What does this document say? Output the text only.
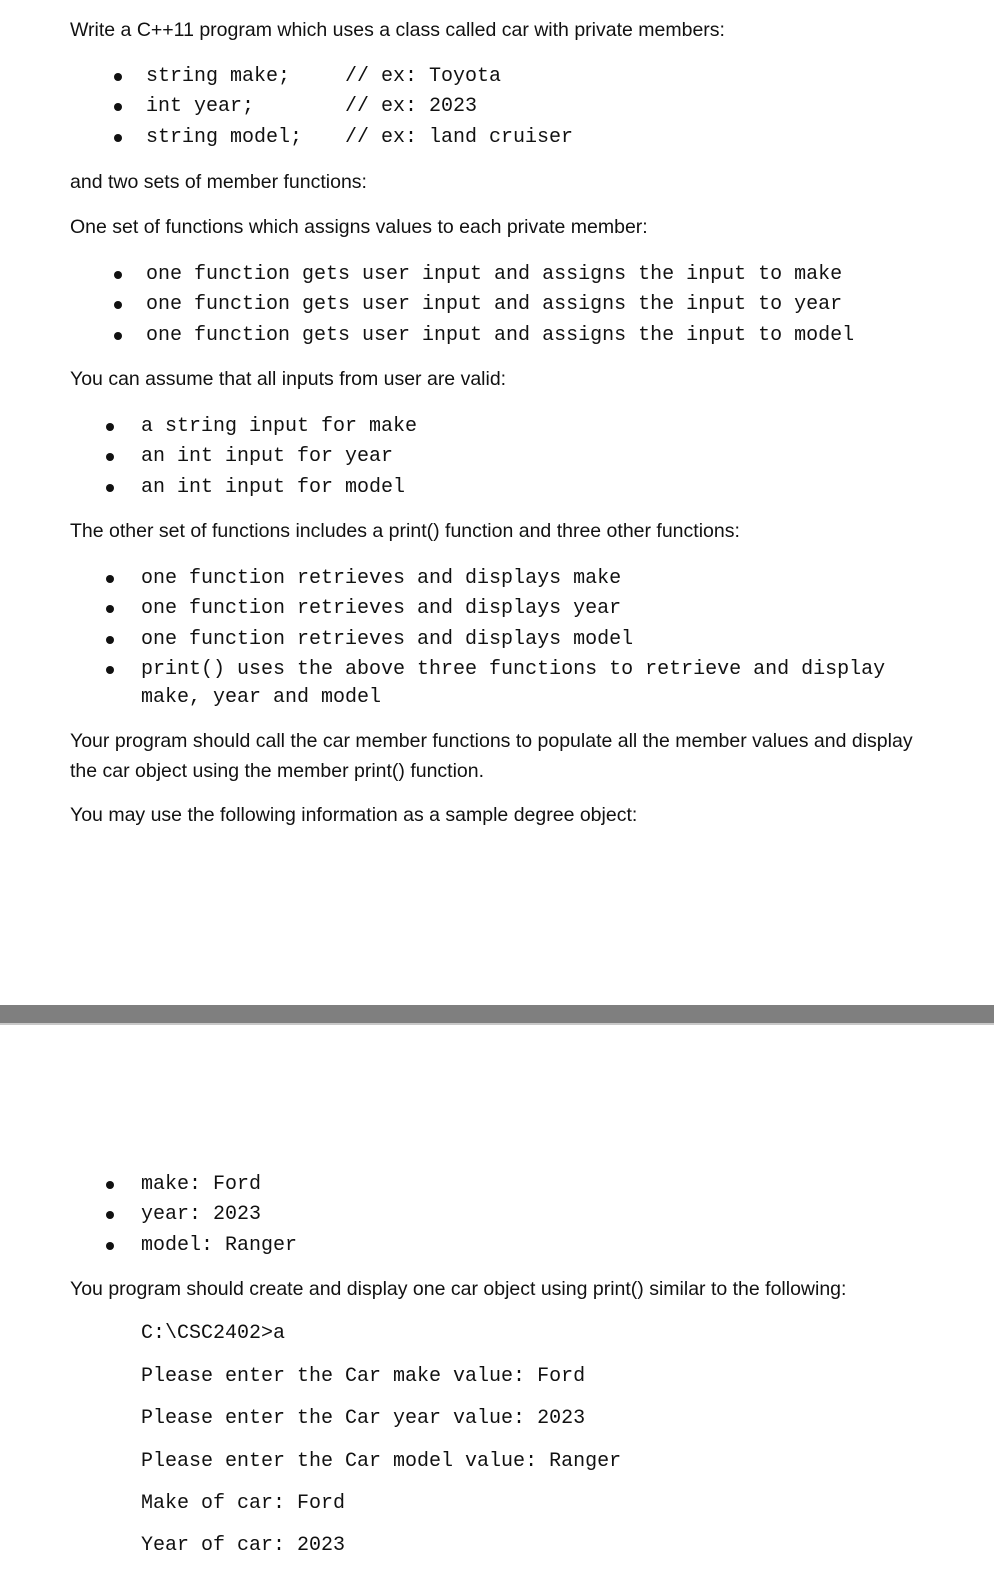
Write a C++11 program which uses a class called car with private members:
string make;	// ex: Toyota
int year;	// ex: 2023
string model; // ex: land cruiser
and two sets of member functions:
One set of functions which assigns values to each private member:
one function gets user input and assigns the input to make
one function gets user input and assigns the input to year
one function gets user input and assigns the input to model
You can assume that all inputs from user are valid:
a string input for make
an int input for year
an int input for model
The other set of functions includes a print() function and three other functions:
one function retrieves and displays make
one function retrieves and displays year
one function retrieves and displays model
print() uses the above three functions to retrieve and display
make, year and model
Your program should call the car member functions to populate all the member values and display
the car object using the member print() function.
You may use the following information as a sample degree object:
make: Ford
year: 2023
model: Ranger
You program should create and display one car object using print() similar to the following:
C:\CSC2402>a
Please enter the Car make value: Ford
Please enter the Car year value: 2023
Please enter the Car model value: Ranger
Make of car: Ford
Year of car: 2023
